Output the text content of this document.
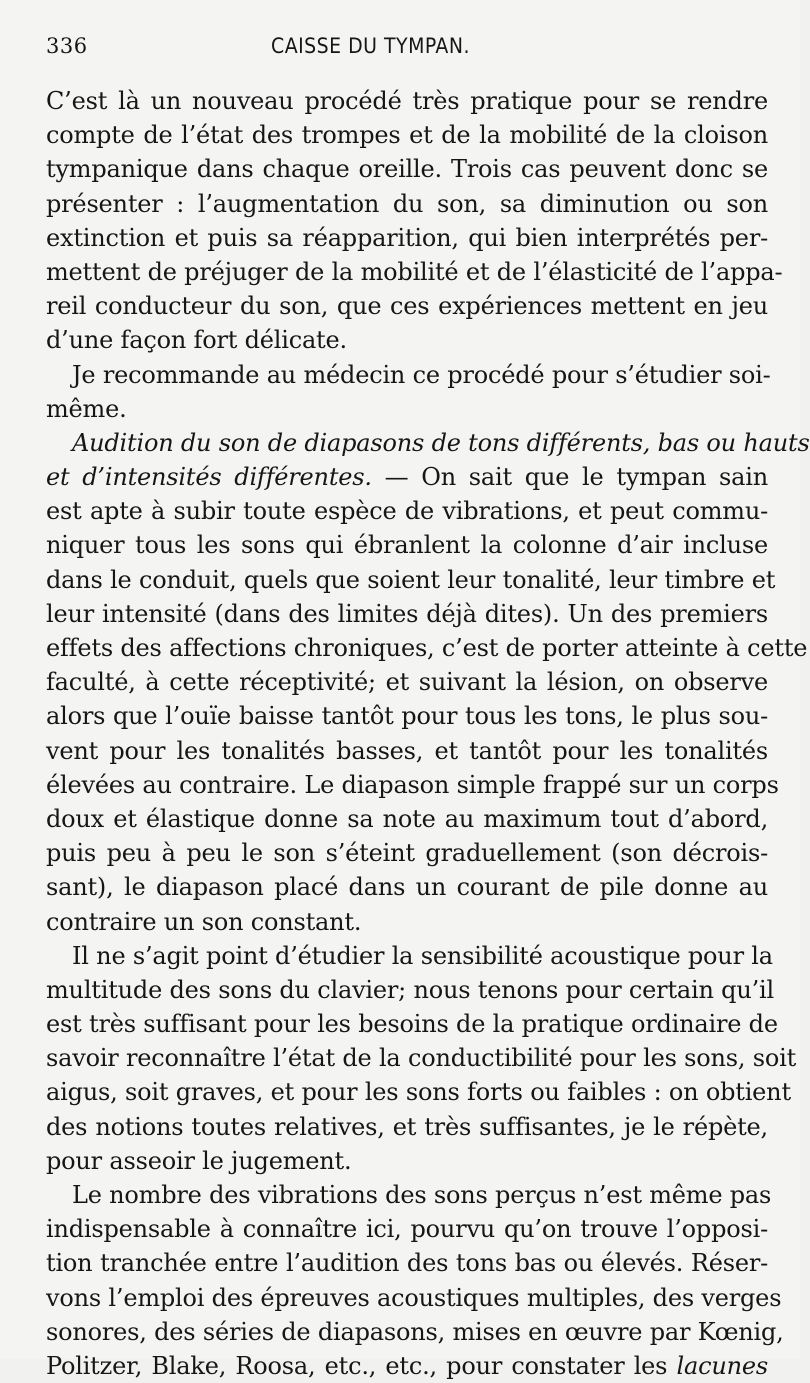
336	CAISSE DU TYMPAN.
C’est là un nouveau procédé très pratique pour se rendre
compte de l’état des trompes et de la mobilité de la cloison
tympanique dans chaque oreille. Trois cas peuvent donc se
présenter : l’augmentation du son, sa diminution ou son
extinction et puis sa réapparition, qui bien interprétés per-
mettent de préjuger de la mobilité et de l’élasticité de l’appa-
reil conducteur du son, que ces expériences mettent en jeu
d’une façon fort délicate.
Je recommande au médecin ce procédé pour s’étudier soi-
même.
Audition du son de diapasons de tons différents, bas ou hauts
et d’intensités différentes. — On sait que le tympan sain
est apte à subir toute espèce de vibrations, et peut commu-
niquer tous les sons qui ébranlent la colonne d’air incluse
dans le conduit, quels que soient leur tonalité, leur timbre et
leur intensité (dans des limites déjà dites). Un des premiers
effets des affections chroniques, c’est de porter atteinte à cette
faculté, à cette réceptivité; et suivant la lésion, on observe
alors que l’ouïe baisse tantôt pour tous les tons, le plus sou-
vent pour les tonalités basses, et tantôt pour les tonalités
élevées au contraire. Le diapason simple frappé sur un corps
doux et élastique donne sa note au maximum tout d’abord,
puis peu à peu le son s’éteint graduellement (son décrois-
sant), le diapason placé dans un courant de pile donne au
contraire un son constant.
Il ne s’agit point d’étudier la sensibilité acoustique pour la
multitude des sons du clavier; nous tenons pour certain qu’il
est très suffisant pour les besoins de la pratique ordinaire de
savoir reconnaître l’état de la conductibilité pour les sons, soit
aigus, soit graves, et pour les sons forts ou faibles : on obtient
des notions toutes relatives, et très suffisantes, je le répète,
pour asseoir le jugement.
Le nombre des vibrations des sons perçus n’est même pas
indispensable à connaître ici, pourvu qu’on trouve l’opposi-
tion tranchée entre l’audition des tons bas ou élevés. Réser-
vons l’emploi des épreuves acoustiques multiples, des verges
sonores, des séries de diapasons, mises en œuvre par Kœnig,
Politzer, Blake, Roosa, etc., etc., pour constater les lacunes
